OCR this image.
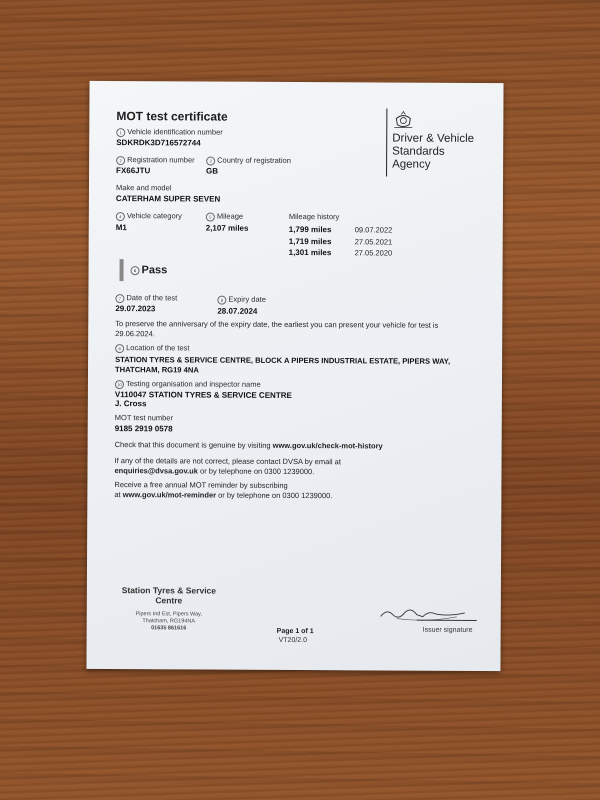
MOT test certificate
Driver & Vehicle
Standards
Agency
1 Vehicle identification number
SDKRDK3D716572744
2 Registration number
FX66JTU
3 Country of registration
GB
Make and model
CATERHAM SUPER SEVEN
4 Vehicle category
M1
5 Mileage
2,107 miles
Mileage history
1,799 miles	09.07.2022
1,719 miles	27.05.2021
1,301 miles	27.05.2020
6 Pass
7 Date of the test
29.07.2023
8 Expiry date
28.07.2024
To preserve the anniversary of the expiry date, the earliest you can present your vehicle for test is
29.06.2024.
9 Location of the test
STATION TYRES & SERVICE CENTRE, BLOCK A PIPERS INDUSTRIAL ESTATE, PIPERS WAY,
THATCHAM, RG19 4NA
10 Testing organisation and inspector name
V110047 STATION TYRES & SERVICE CENTRE
J. Cross
MOT test number
9185 2919 0578
Check that this document is genuine by visiting www.gov.uk/check-mot-history
If any of the details are not correct, please contact DVSA by email at
enquiries@dvsa.gov.uk or by telephone on 0300 1239000.
Receive a free annual MOT reminder by subscribing
at www.gov.uk/mot-reminder or by telephone on 0300 1239000.
Station Tyres & Service
Centre
Pipers Ind Est, Pipers Way,
Thatcham, RG194NA
01635 861616	Page 1 of 1
VT20/2.0
Issuer signature
